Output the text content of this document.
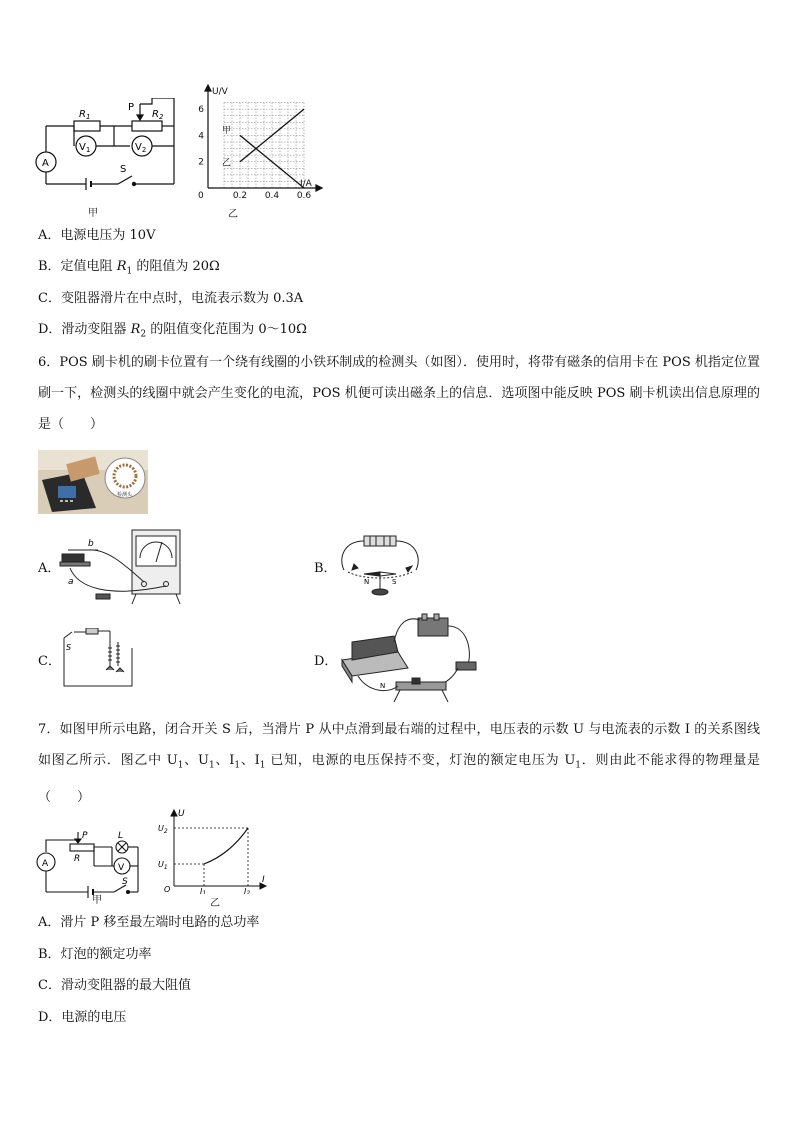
$R_1$	$R_2$
P
A
$V_1$	$V_2$
S
甲
U/V
I/A
0
6
4
2
0.2 0.4 0.6
甲
乙
乙
A．电源电压为 10V
B．定值电阻 $R_1$ 的阻值为 20Ω
C．变阻器滑片在中点时，电流表示数为 0.3A
D．滑动变阻器 $R_2$ 的阻值变化范围为 0～10Ω
6．POS 刷卡机的刷卡位置有一个绕有线圈的小铁环制成的检测头（如图）．使用时，将带有磁条的信用卡在 POS 机指定位置刷一下，检测头的线圈中就会产生变化的电流，POS 机便可读出磁条上的信息．选项图中能反映 POS 刷卡机读出信息原理的是（　　）
检测头
A．
b
a
B．
N	S
C．
S
D．
N
7．如图甲所示电路，闭合开关 S 后，当滑片 P 从中点滑到最右端的过程中，电压表的示数 U 与电流表的示数 I 的关系图线如图乙所示．图乙中 $U_1$、$U_1$、$I_1$、$I_1$ 已知，电源的电压保持不变，灯泡的额定电压为 $U_1$．则由此不能求得的物理量是（　　）
P
R
L
A	V
S
甲
U
I
O
$U_2$
$U_1$
I1	I2
乙
A．滑片 P 移至最左端时电路的总功率
B．灯泡的额定功率
C．滑动变阻器的最大阻值
D．电源的电压
